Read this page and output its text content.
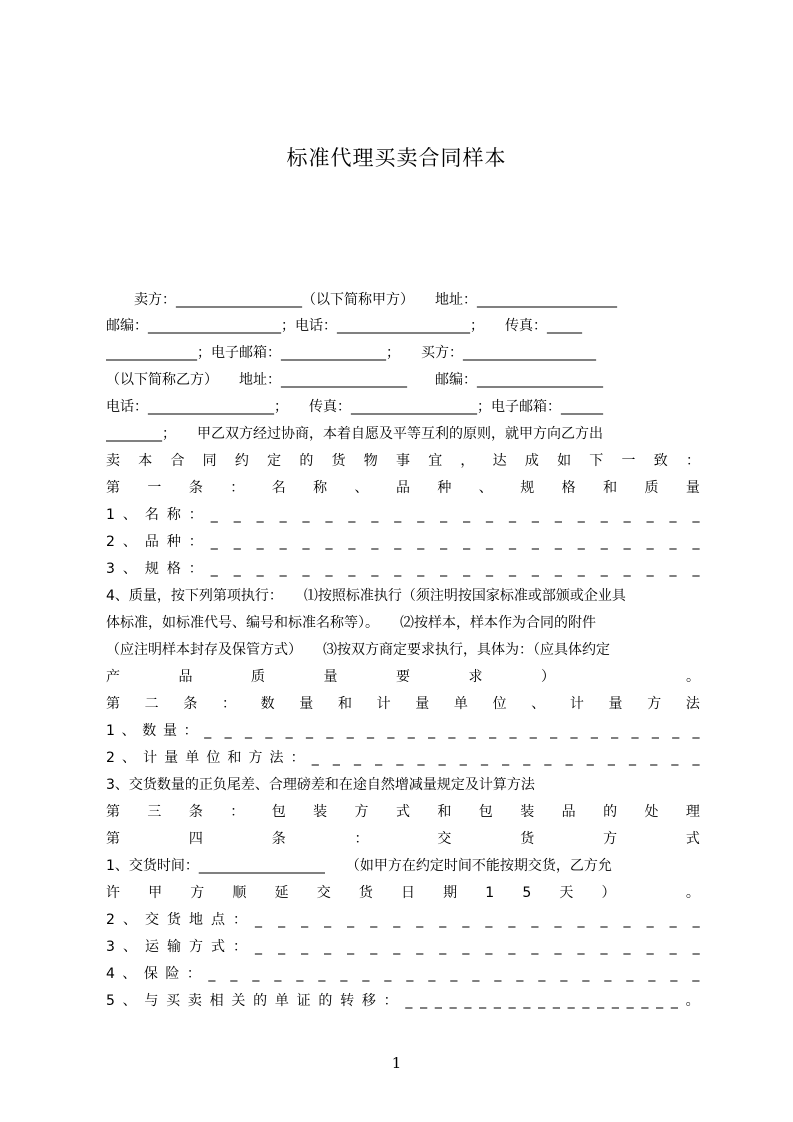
标准代理买卖合同样本
　　卖方：__________________（以下简称甲方）　　地址：____________________
邮编：___________________；电话：___________________；　　传真：_____
_____________；电子邮箱：_______________；　　买方：___________________
（以下简称乙方）　　地址：__________________　　邮编：__________________
电话：__________________；　　传真：__________________；电子邮箱：______
________；　　甲乙双方经过协商，本着自愿及平等互利的原则，就甲方向乙方出
卖 本 合 同 约 定 的 货 物 事 宜 ， 达 成 如 下 一 致 ：
第 一 条 ： 名 称 、 品 种 、 规 格 和 质 量
1 、 名 称 ： _ _ _ _ _ _ _ _ _ _ _ _ _ _ _ _ _ _ _ _ _ _
2 、 品 种 ： _ _ _ _ _ _ _ _ _ _ _ _ _ _ _ _ _ _ _ _ _ _
3 、 规 格 ： _ _ _ _ _ _ _ _ _ _ _ _ _ _ _ _ _ _ _ _ _ _
4、质量，按下列第项执行：　　⑴按照标准执行（须注明按国家标准或部颁或企业具
体标准，如标准代号、编号和标准名称等）。　　⑵按样本，样本作为合同的附件
（应注明样本封存及保管方式）　　⑶按双方商定要求执行，具体为：（应具体约定
产	品	质	量	要	求	）
　	。
第 二 条 ： 数 量 和 计 量 单 位 、 计 量 方 法
1 、 数 量 ： _ _ _ _ _ _ _ _ _ _ _ _ _ _ _ _ _ _ _ _ _ _ _ _ _
2 、 计 量 单 位 和 方 法 ： _ _ _ _ _ _ _ _ _ _ _ _ _ _ _ _ _ _ _
3、交货数量的正负尾差、合理磅差和在途自然增减量规定及计算方法
第 三 条 ： 包 装 方 式 和 包 装 品 的 处 理
第	四	条	：	交	货	方	式
1、交货时间：__________________　　（如甲方在约定时间不能按期交货，乙方允
许 甲 方 顺 延 交 货 日 期 1 5 天 ）
　	。
2 、 交 货 地 点 ： _ _ _ _ _ _ _ _ _ _ _ _ _ _ _ _ _ _ _ _
3 、 运 输 方 式 ： _ _ _ _ _ _ _ _ _ _ _ _ _ _ _ _ _ _ _ _
4 、 保 险 ： _ _ _ _ _ _ _ _ _ _ _ _ _ _ _ _ _ _ _ _ _ _ _
5 、 与 买 卖 相 关 的 单 证 的 转 移 ： _ _ _ _ _ _ _ _ _ _ _ _ _ _ _ _ _ _ _ 。
1
